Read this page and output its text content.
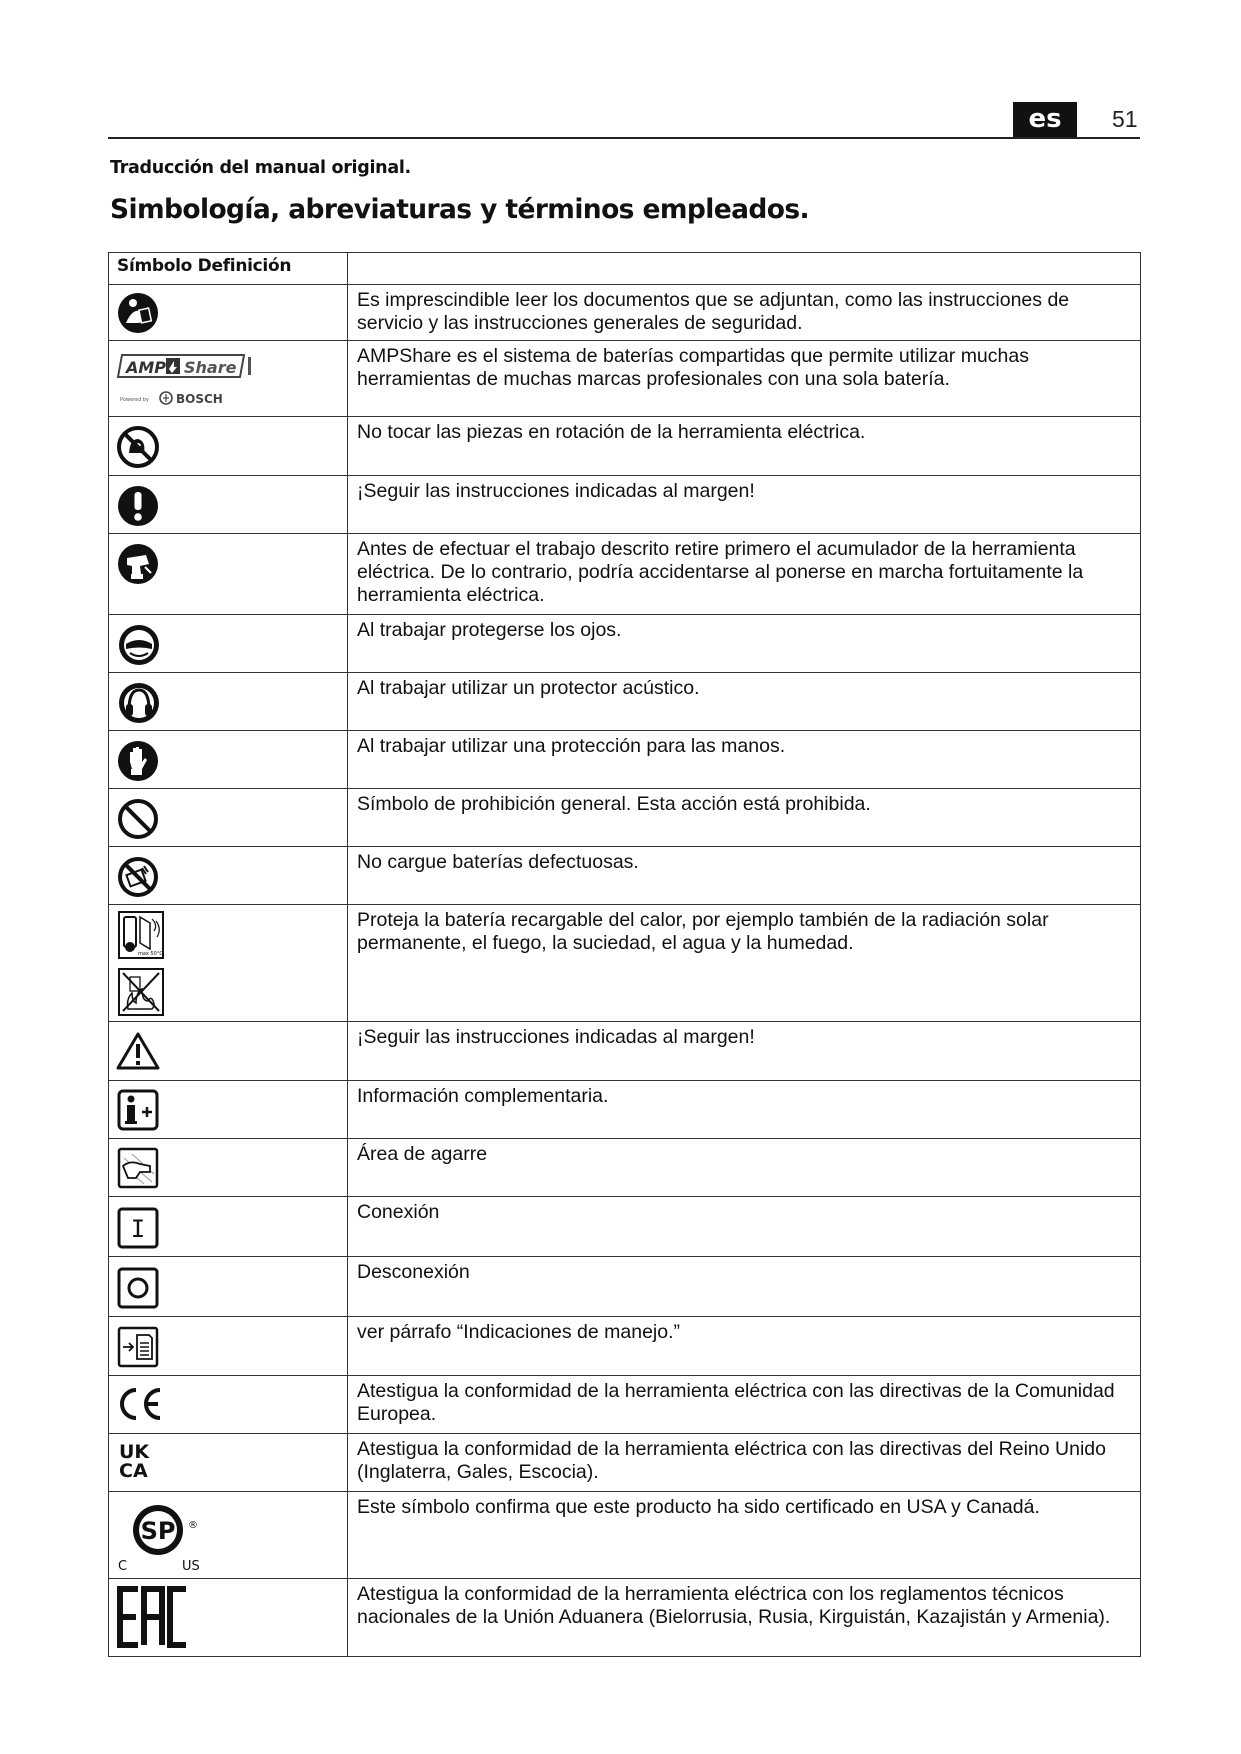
es	51
Traducción del manual original.
Simbología, abreviaturas y términos empleados.
Símbolo Definición	

	Es imprescindible leer los documentos que se adjuntan, como las instrucciones de servicio y las instrucciones generales de seguridad.

AMP Share
Powered by BOSCH	AMPShare es el sistema de baterías compartidas que permite utilizar muchas herramientas de muchas marcas profesionales con una sola batería.

	No tocar las piezas en rotación de la herramienta eléctrica.

	¡Seguir las instrucciones indicadas al margen!

	Antes de efectuar el trabajo descrito retire primero el acumulador de la herramienta eléctrica. De lo contrario, podría accidentarse al ponerse en marcha fortuitamente la herramienta eléctrica.

	Al trabajar protegerse los ojos.

	Al trabajar utilizar un protector acústico.

	Al trabajar utilizar una protección para las manos.

	Símbolo de prohibición general. Esta acción está prohibida.

	No cargue baterías defectuosas.

max 50°C	Proteja la batería recargable del calor, por ejemplo también de la radiación solar permanente, el fuego, la suciedad, el agua y la humedad.

	¡Seguir las instrucciones indicadas al margen!

	Información complementaria.

	Área de agarre

I	Conexión

	Desconexión

	ver párrafo “Indicaciones de manejo.”

CE	Atestigua la conformidad de la herramienta eléctrica con las directivas de la Comunidad Europea.

UK
CA	Atestigua la conformidad de la herramienta eléctrica con las directivas del Reino Unido (Inglaterra, Gales, Escocia).

SP ®
C US	Este símbolo confirma que este producto ha sido certificado en USA y Canadá.

EAC	Atestigua la conformidad de la herramienta eléctrica con los reglamentos técnicos nacionales de la Unión Aduanera (Bielorrusia, Rusia, Kirguistán, Kazajistán y Armenia).
